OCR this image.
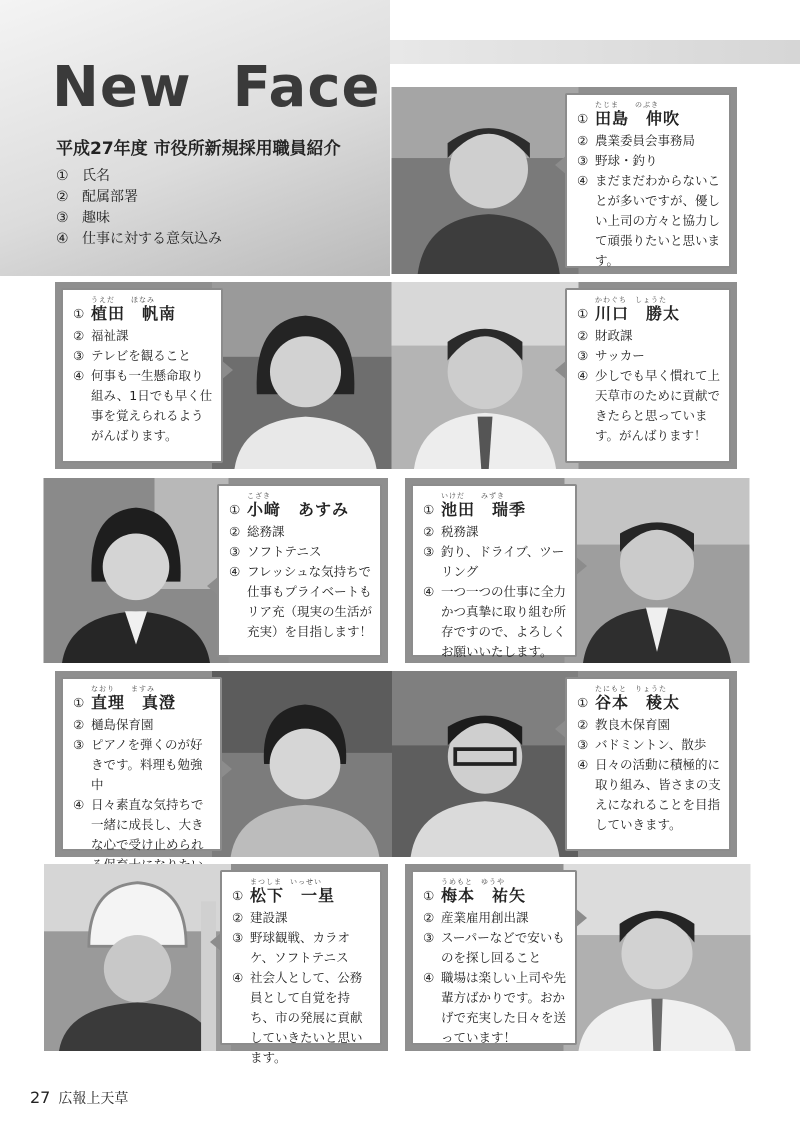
New  Face
平成27年度 市役所新規採用職員紹介
① 氏名
② 配属部署
③ 趣味
④ 仕事に対する意気込み
①
たじま　　のぶき
田島　伸吹
② 農業委員会事務局
③ 野球・釣り
④ まだまだわからないことが多いですが、優しい上司の方々と協力して頑張りたいと思います。
①
うえだ　　ほなみ
植田　帆南
② 福祉課
③ テレビを観ること
④ 何事も一生懸命取り組み、1日でも早く仕事を覚えられるようがんばります。
①
かわぐち　しょうた
川口　勝太
② 財政課
③ サッカー
④ 少しでも早く慣れて上天草市のために貢献できたらと思っています。がんばります！
①
こざき
小﨑　あすみ
② 総務課
③ ソフトテニス
④ フレッシュな気持ちで仕事もプライベートもリア充（現実の生活が充実）を目指します！
①
いけだ　　みずき
池田　瑞季
② 税務課
③ 釣り、ドライブ、ツーリング
④ 一つ一つの仕事に全力かつ真摯に取り組む所存ですので、よろしくお願いいたします。
①
なおり　　ますみ
直理　真澄
② 樋島保育園
③ ピアノを弾くのが好きです。料理も勉強中
④ 日々素直な気持ちで一緒に成長し、大きな心で受け止められ
①
たにもと　りょうた
谷本　稜太
② 教良木保育園
③ バドミントン、散歩
④ 日々の活動に積極的に取り組み、皆さまの支えになれることを目指していきます。
①
まつしま　いっせい
松下　一星
② 建設課
③ 野球観戦、カラオケ、ソフトテニス
④ 社会人として、公務員として自覚を持ち、市の発展に貢献していきたいと思います。
①
うめもと　ゆうや
梅本　祐矢
② 産業雇用創出課
③ スーパーなどで安いものを探し回ること
④ 職場は楽しい上司や先輩方ばかりです。おかげで充実した日々を送っています！
27 広報上天草
